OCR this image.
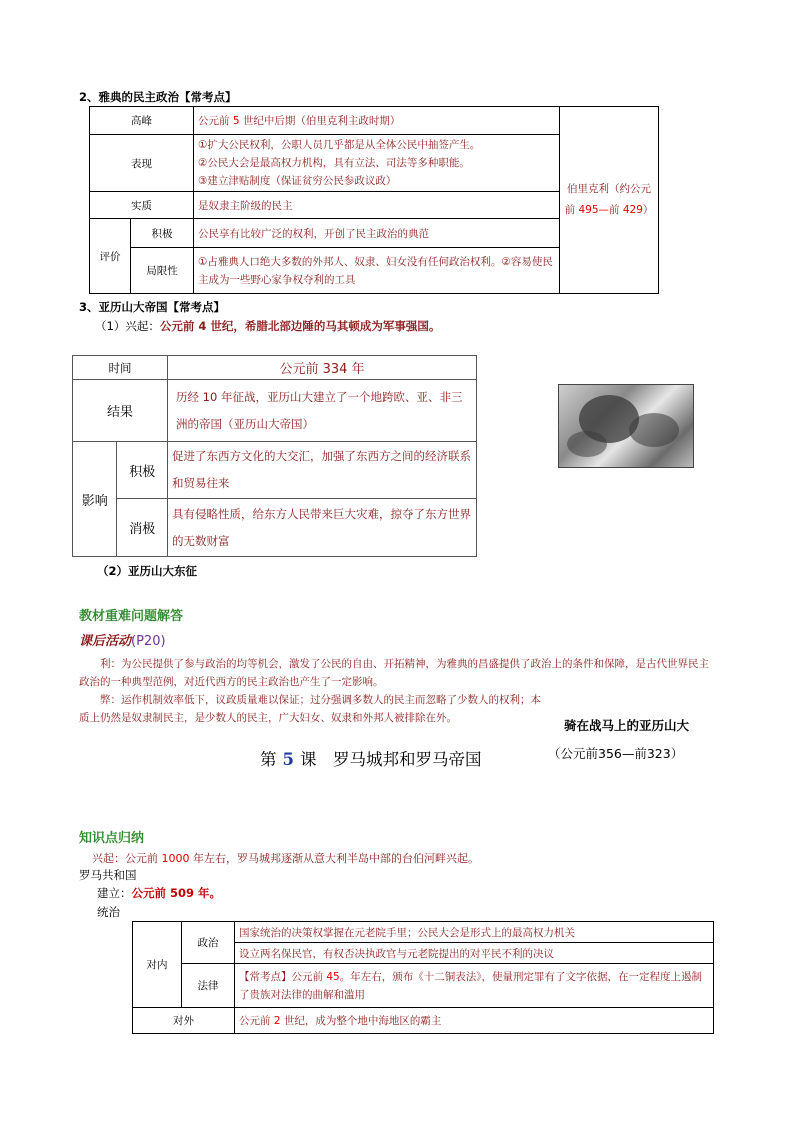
2、雅典的民主政治【常考点】
高峰		公元前 5 世纪中后期（伯里克利主政时期）	伯里克利（约公元前 495—前 429）
表现		①扩大公民权利，公职人员几乎都是从全体公民中抽签产生。
②公民大会是最高权力机构，具有立法、司法等多种职能。
③建立津贴制度（保证贫穷公民参政议政）	

实质		是奴隶主阶级的民主	
评价	积极	公民享有比较广泛的权利，开创了民主政治的典范	
	局限性	①占雅典人口绝大多数的外邦人、奴隶、妇女没有任何政治权利。②容易使民主成为一些野心家争权夺利的工具	
3、亚历山大帝国【常考点】
（1）兴起：公元前 4 世纪，希腊北部边陲的马其顿成为军事强国。
时间		公元前 334 年
结果		历经 10 年征战，亚历山大建立了一个地跨欧、亚、非三洲的帝国（亚历山大帝国）
影响	积极	促进了东西方文化的大交汇，加强了东西方之间的经济联系和贸易往来
	消极	具有侵略性质，给东方人民带来巨大灾难，掠夺了东方世界的无数财富
（2）亚历山大东征
教材重难问题解答
课后活动(P20)
利：为公民提供了参与政治的均等机会，激发了公民的自由、开拓精神，为雅典的昌盛提供了政治上的条件和保障，是古代世界民主政治的一种典型范例，对近代西方的民主政治也产生了一定影响。
弊：运作机制效率低下，议政质量难以保证；过分强调多数人的民主而忽略了少数人的权利；本质上仍然是奴隶制民主，是少数人的民主，广大妇女、奴隶和外邦人被排除在外。	骑在战马上的亚历山大
（公元前356—前323）
第 5 课　罗马城邦和罗马帝国
知识点归纳
兴起：公元前 1000 年左右，罗马城邦逐渐从意大利半岛中部的台伯河畔兴起。
罗马共和国
建立：公元前 509 年。
统治
对内	政治	国家统治的决策权掌握在元老院手里；公民大会是形式上的最高权力机关
		设立两名保民官，有权否决执政官与元老院提出的对平民不利的决议
	法律	【常考点】公元前 45。年左右，颁布《十二铜表法》，使量刑定罪有了文字依据，在一定程度上遏制了贵族对法律的曲解和滥用
对外		公元前 2 世纪，成为整个地中海地区的霸主
